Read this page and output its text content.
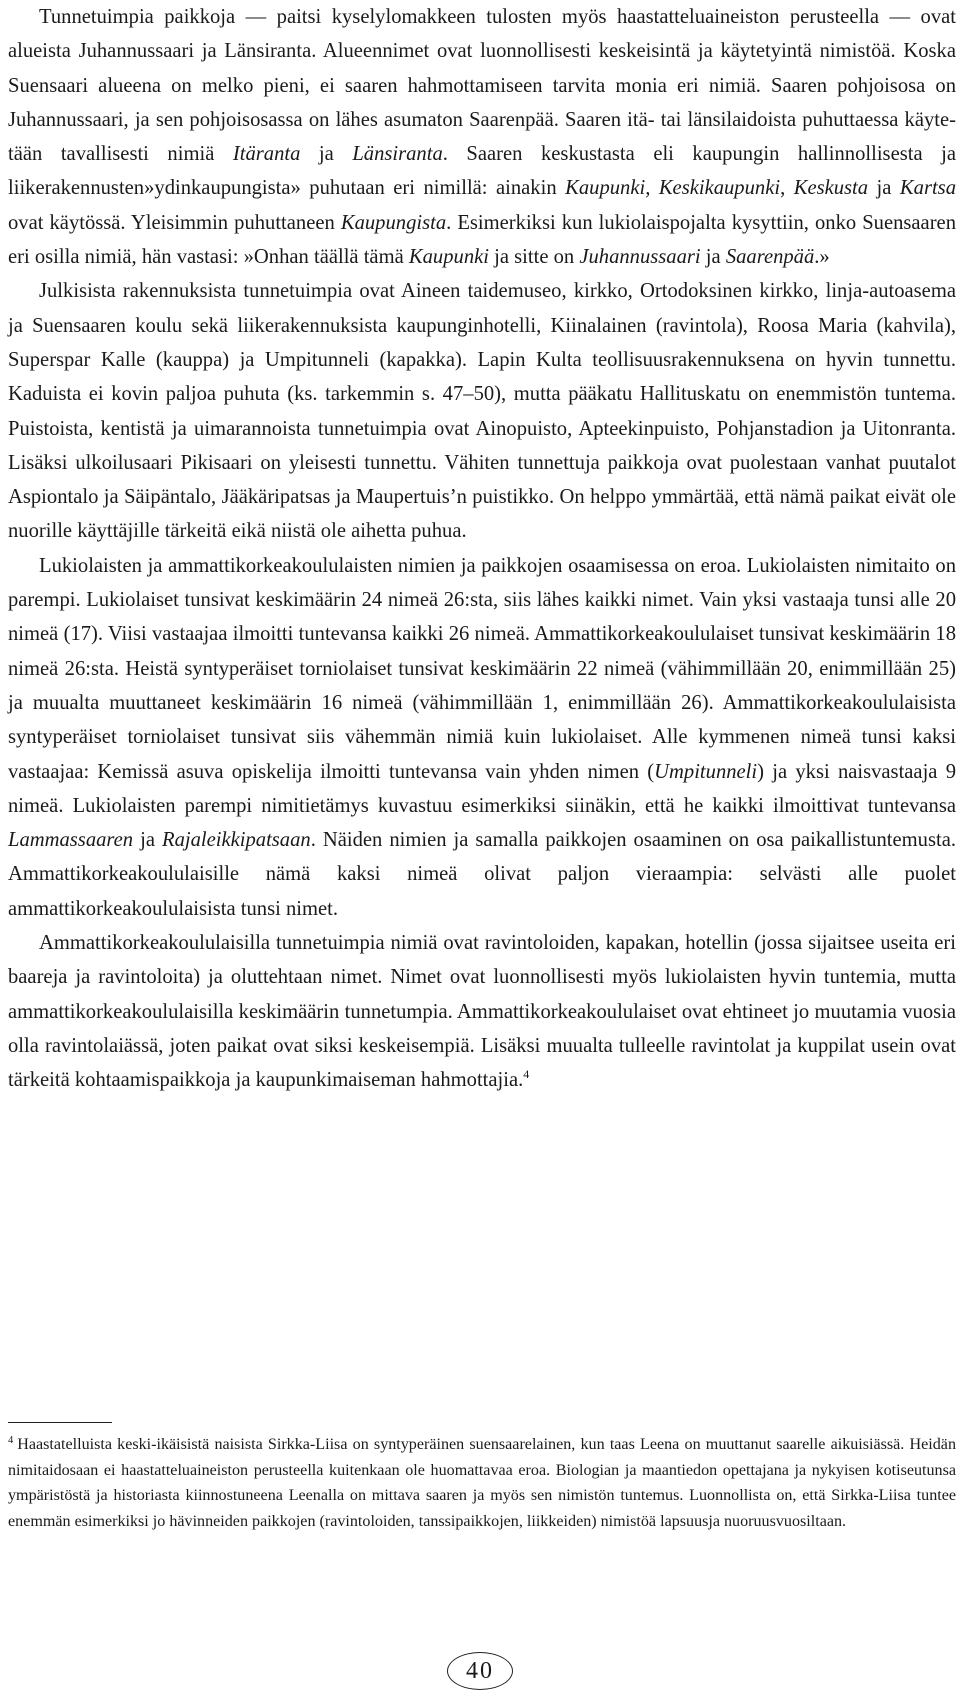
Tunnetuimpia paikkoja — paitsi kyselylomakkeen tulosten myös haastatteluaineiston perusteella — ovat alueista Juhannussaari ja Länsiranta. Alueennimet ovat luonnollisesti keskeisintä ja käytetyintä nimistöä. Koska Suensaari alueena on melko pieni, ei saaren hahmottamiseen tarvita monia eri nimiä. Saaren pohjoisosa on Juhannussaari, ja sen pohjoisosassa on lähes asumaton Saarenpää. Saaren itä- tai länsilaidoista puhuttaessa käytetään tavallisesti nimiä Itäranta ja Länsiranta. Saaren keskustasta eli kaupungin hallinnollisesta ja liikerakennusten»ydinkaupungista» puhutaan eri nimillä: ainakin Kaupunki, Keskikaupunki, Keskusta ja Kartsa ovat käytössä. Yleisimmin puhuttaneen Kaupungista. Esimerkiksi kun lukiolaispojalta kysyttiin, onko Suensaaren eri osilla nimiä, hän vastasi: »Onhan täällä tämä Kaupunki ja sitte on Juhannussaari ja Saarenpää.»

Julkisista rakennuksista tunnetuimpia ovat Aineen taidemuseo, kirkko, Ortodoksinen kirkko, linja-autoasema ja Suensaaren koulu sekä liikerakennuksista kaupunginhotelli, Kiinalainen (ravintola), Roosa Maria (kahvila), Superspar Kalle (kauppa) ja Umpitunneli (kapakka). Lapin Kulta teollisuusrakennuksena on hyvin tunnettu. Kaduista ei kovin paljoa puhuta (ks. tarkemmin s. 47–50), mutta pääkatu Hallituskatu on enemmistön tuntema. Puistoista, kentistä ja uimarannoista tunnetuimpia ovat Ainopuisto, Apteekinpuisto, Pohjanstadion ja Uitonranta. Lisäksi ulkoilusaari Pikisaari on yleisesti tunnettu. Vähiten tunnettuja paikkoja ovat puolestaan vanhat puutalot Aspiontalo ja Säipäntalo, Jääkäripatsas ja Maupertuis’n puistikko. On helppo ymmärtää, että nämä paikat eivät ole nuorille käyttäjille tärkeitä eikä niistä ole aihetta puhua.

Lukiolaisten ja ammattikorkeakoululaisten nimien ja paikkojen osaamisessa on eroa. Lukiolaisten nimitaito on parempi. Lukiolaiset tunsivat keskimäärin 24 nimeä 26:sta, siis lähes kaikki nimet. Vain yksi vastaaja tunsi alle 20 nimeä (17). Viisi vastaajaa ilmoitti tuntevansa kaikki 26 nimeä. Ammattikorkeakoululaiset tunsivat keskimäärin 18 nimeä 26:sta. Heistä syntyperäiset torniolaiset tunsivat keskimäärin 22 nimeä (vähimmillään 20, enimmillään 25) ja muualta muuttaneet keskimäärin 16 nimeä (vähimmillään 1, enimmillään 26). Ammattikorkeakoululaisista syntyperäiset torniolaiset tunsivat siis vähemmän nimiä kuin lukiolaiset. Alle kymmenen nimeä tunsi kaksi vastaajaa: Kemissä asuva opiskelija ilmoitti tuntevansa vain yhden nimen (Umpitunneli) ja yksi naisvastaaja 9 nimeä. Lukiolaisten parempi nimitietämys kuvastuu esimerkiksi siinäkin, että he kaikki ilmoittivat tuntevansa Lammassaaren ja Rajaleikkipatsaan. Näiden nimien ja samalla paikkojen osaaminen on osa paikallistuntemusta. Ammattikorkeakoululaisille nämä kaksi nimeä olivat paljon vieraampia: selvästi alle puolet ammattikorkeakoululaisista tunsi nimet.

Ammattikorkeakoululaisilla tunnetuimpia nimiä ovat ravintoloiden, kapakan, hotellin (jossa sijaitsee useita eri baareja ja ravintoloita) ja oluttehtaan nimet. Nimet ovat luonnollisesti myös lukiolaisten hyvin tuntemia, mutta ammattikorkeakoululaisilla keskimäärin tunnetumpia. Ammattikorkeakoululaiset ovat ehtineet jo muutamia vuosia olla ravintolaiässä, joten paikat ovat siksi keskeisempiä. Lisäksi muualta tulleelle ravintolat ja kuppilat usein ovat tärkeitä kohtaamispaikkoja ja kaupunkimaiseman hahmottajia.$^4$

$^4$ Haastatelluista keski-ikäisistä naisista Sirkka-Liisa on syntyperäinen suensaarelainen, kun taas Leena on muuttanut saarelle aikuisiässä. Heidän nimitaidosaan ei haastatteluaineiston perusteella kuitenkaan ole huomattavaa eroa. Biologian ja maantiedon opettajana ja nykyisen kotiseutunsa ympäristöstä ja historiasta kiinnostuneena Leenalla on mittava saaren ja myös sen nimistön tuntemus. Luonnollista on, että Sirkka-Liisa tuntee enemmän esimerkiksi jo hävinneiden paikkojen (ravintoloiden, tanssipaikkojen, liikkeiden) nimistöä lapsuusja nuoruusvuosiltaan.

40
